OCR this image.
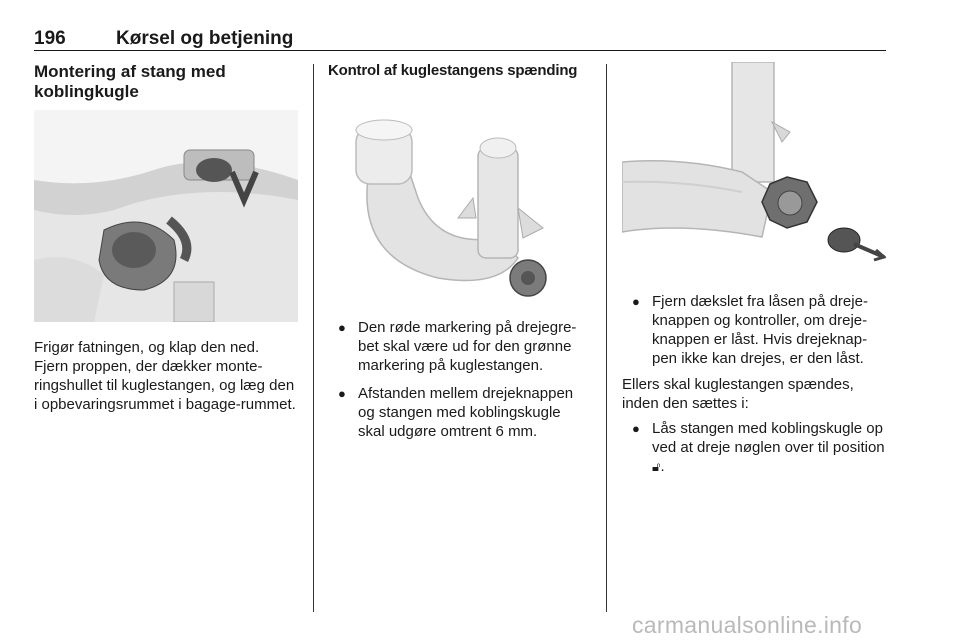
196	Kørsel og betjening
Montering af stang med koblingkugle

Frigør fatningen, og klap den ned.

Fjern proppen, der dækker monte-ringshullet til kuglestangen, og læg den i opbevaringsrummet i bagage-rummet.

Kontrol af kuglestangens spænding
● Den røde markering på drejegre-bet skal være ud for den grønne markering på kuglestangen.
● Afstanden mellem drejeknappen og stangen med koblingskugle skal udgøre omtrent 6 mm.
● Fjern dækslet fra låsen på dreje-knappen og kontroller, om dreje-knappen er låst. Hvis drejeknap-pen ikke kan drejes, er den låst.

Ellers skal kuglestangen spændes, inden den sættes i:

● Lås stangen med koblingskugle op ved at dreje nøglen over til position 🔓︎.
carmanualsonline.info
